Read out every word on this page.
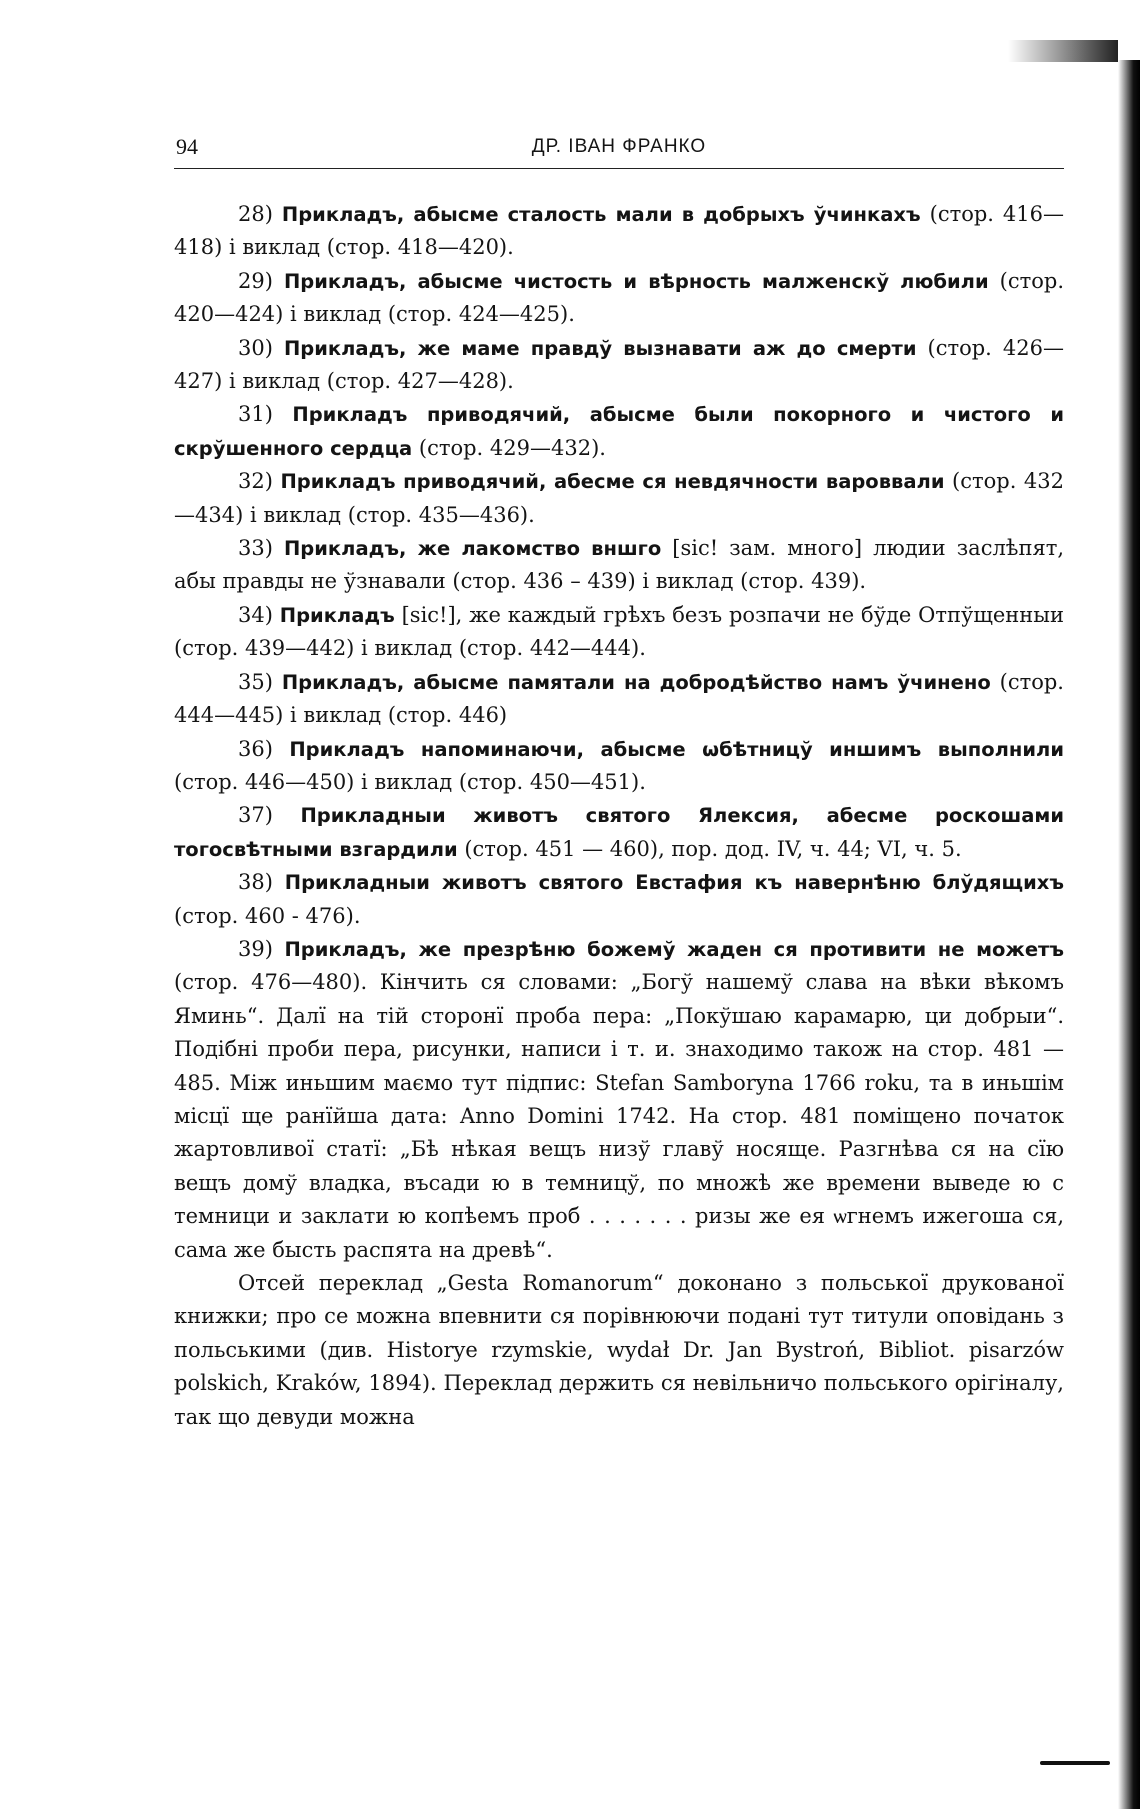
94	ДР. ІВАН ФРАНКО

28) Прикладъ, абысме сталость мали в добрыхъ ўчинкахъ (стор. 416—418) і виклад (стор. 418—420).

29) Прикладъ, абысме чистость и вѣрность малженскў любили (стор. 420—424) і виклад (стор. 424—425).

30) Прикладъ, же маме правдў вызнавати аж до смерти (стор. 426—427) і виклад (стор. 427—428).

31) Прикладъ приводячий, абысме были покорного и чистого и скрўшенного сердца (стор. 429—432).

32) Прикладъ приводячий, абесме ся невдячности вароввали (стор. 432—434) і виклад (стор. 435—436).

33) Прикладъ, же лакомство вншго [sic! зам. много] людии заслѣпят, абы правды не ўзнавали (стор. 436 – 439) і виклад (стор. 439).

34) Прикладъ [sic!], же каждый грѣхъ безъ розпачи не бўде Отпўщенныи (стор. 439—442) і виклад (стор. 442—444).

35) Прикладъ, абысме памятали на добродѣйство намъ ўчинено (стор. 444—445) і виклад (стор. 446)

36) Прикладъ напоминаючи, абысме ѡбѣтницў иншимъ выполнили (стор. 446—450) і виклад (стор. 450—451).

37) Прикладныи животъ святого Ялексия, абесме роскошами тогосвѣтными взгардили (стор. 451 — 460), пор. дод. IV, ч. 44; VI, ч. 5.

38) Прикладныи животъ святого Евстафия къ навернѣню блўдящихъ (стор. 460 - 476).

39) Прикладъ, же презрѣню божемў жаден ся противити не можетъ (стор. 476—480). Кінчить ся словами: „Богў нашемў слава на вѣки вѣкомъ Яминь“. Далї на тій сторонї проба пера: „Покўшаю карамарю, ци добрыи“. Подібні проби пера, рисунки, написи і т. и. знаходимо також на стор. 481 — 485. Між иньшим маємо тут підпис: Stefan Samboryna 1766 roku, та в иньшім місцї ще ранїйша дата: Anno Domini 1742. На стор. 481 поміщено початок жартовливої статї: „Бѣ нѣкая вещъ низў главў носяще. Разгнѣва ся на сїю вещъ домў владка, въсади ю в темницў, по множѣ же времени выведе ю с темници и заклати ю копѣемъ проб . . . . . . . ризы же ея ѡгнемъ ижегоша ся, сама же бысть распята на древѣ“.

Отсей переклад „Gesta Romanorum“ доконано з польської друкованої книжки; про се можна впевнити ся порівнюючи подані тут титули оповідань з польськими (див. Historye rzymskie, wydał Dr. Jan Bystroń, Bibliot. pisarzów polskich, Kraków, 1894). Переклад держить ся невільничо польського орігіналу, так що девуди можна
